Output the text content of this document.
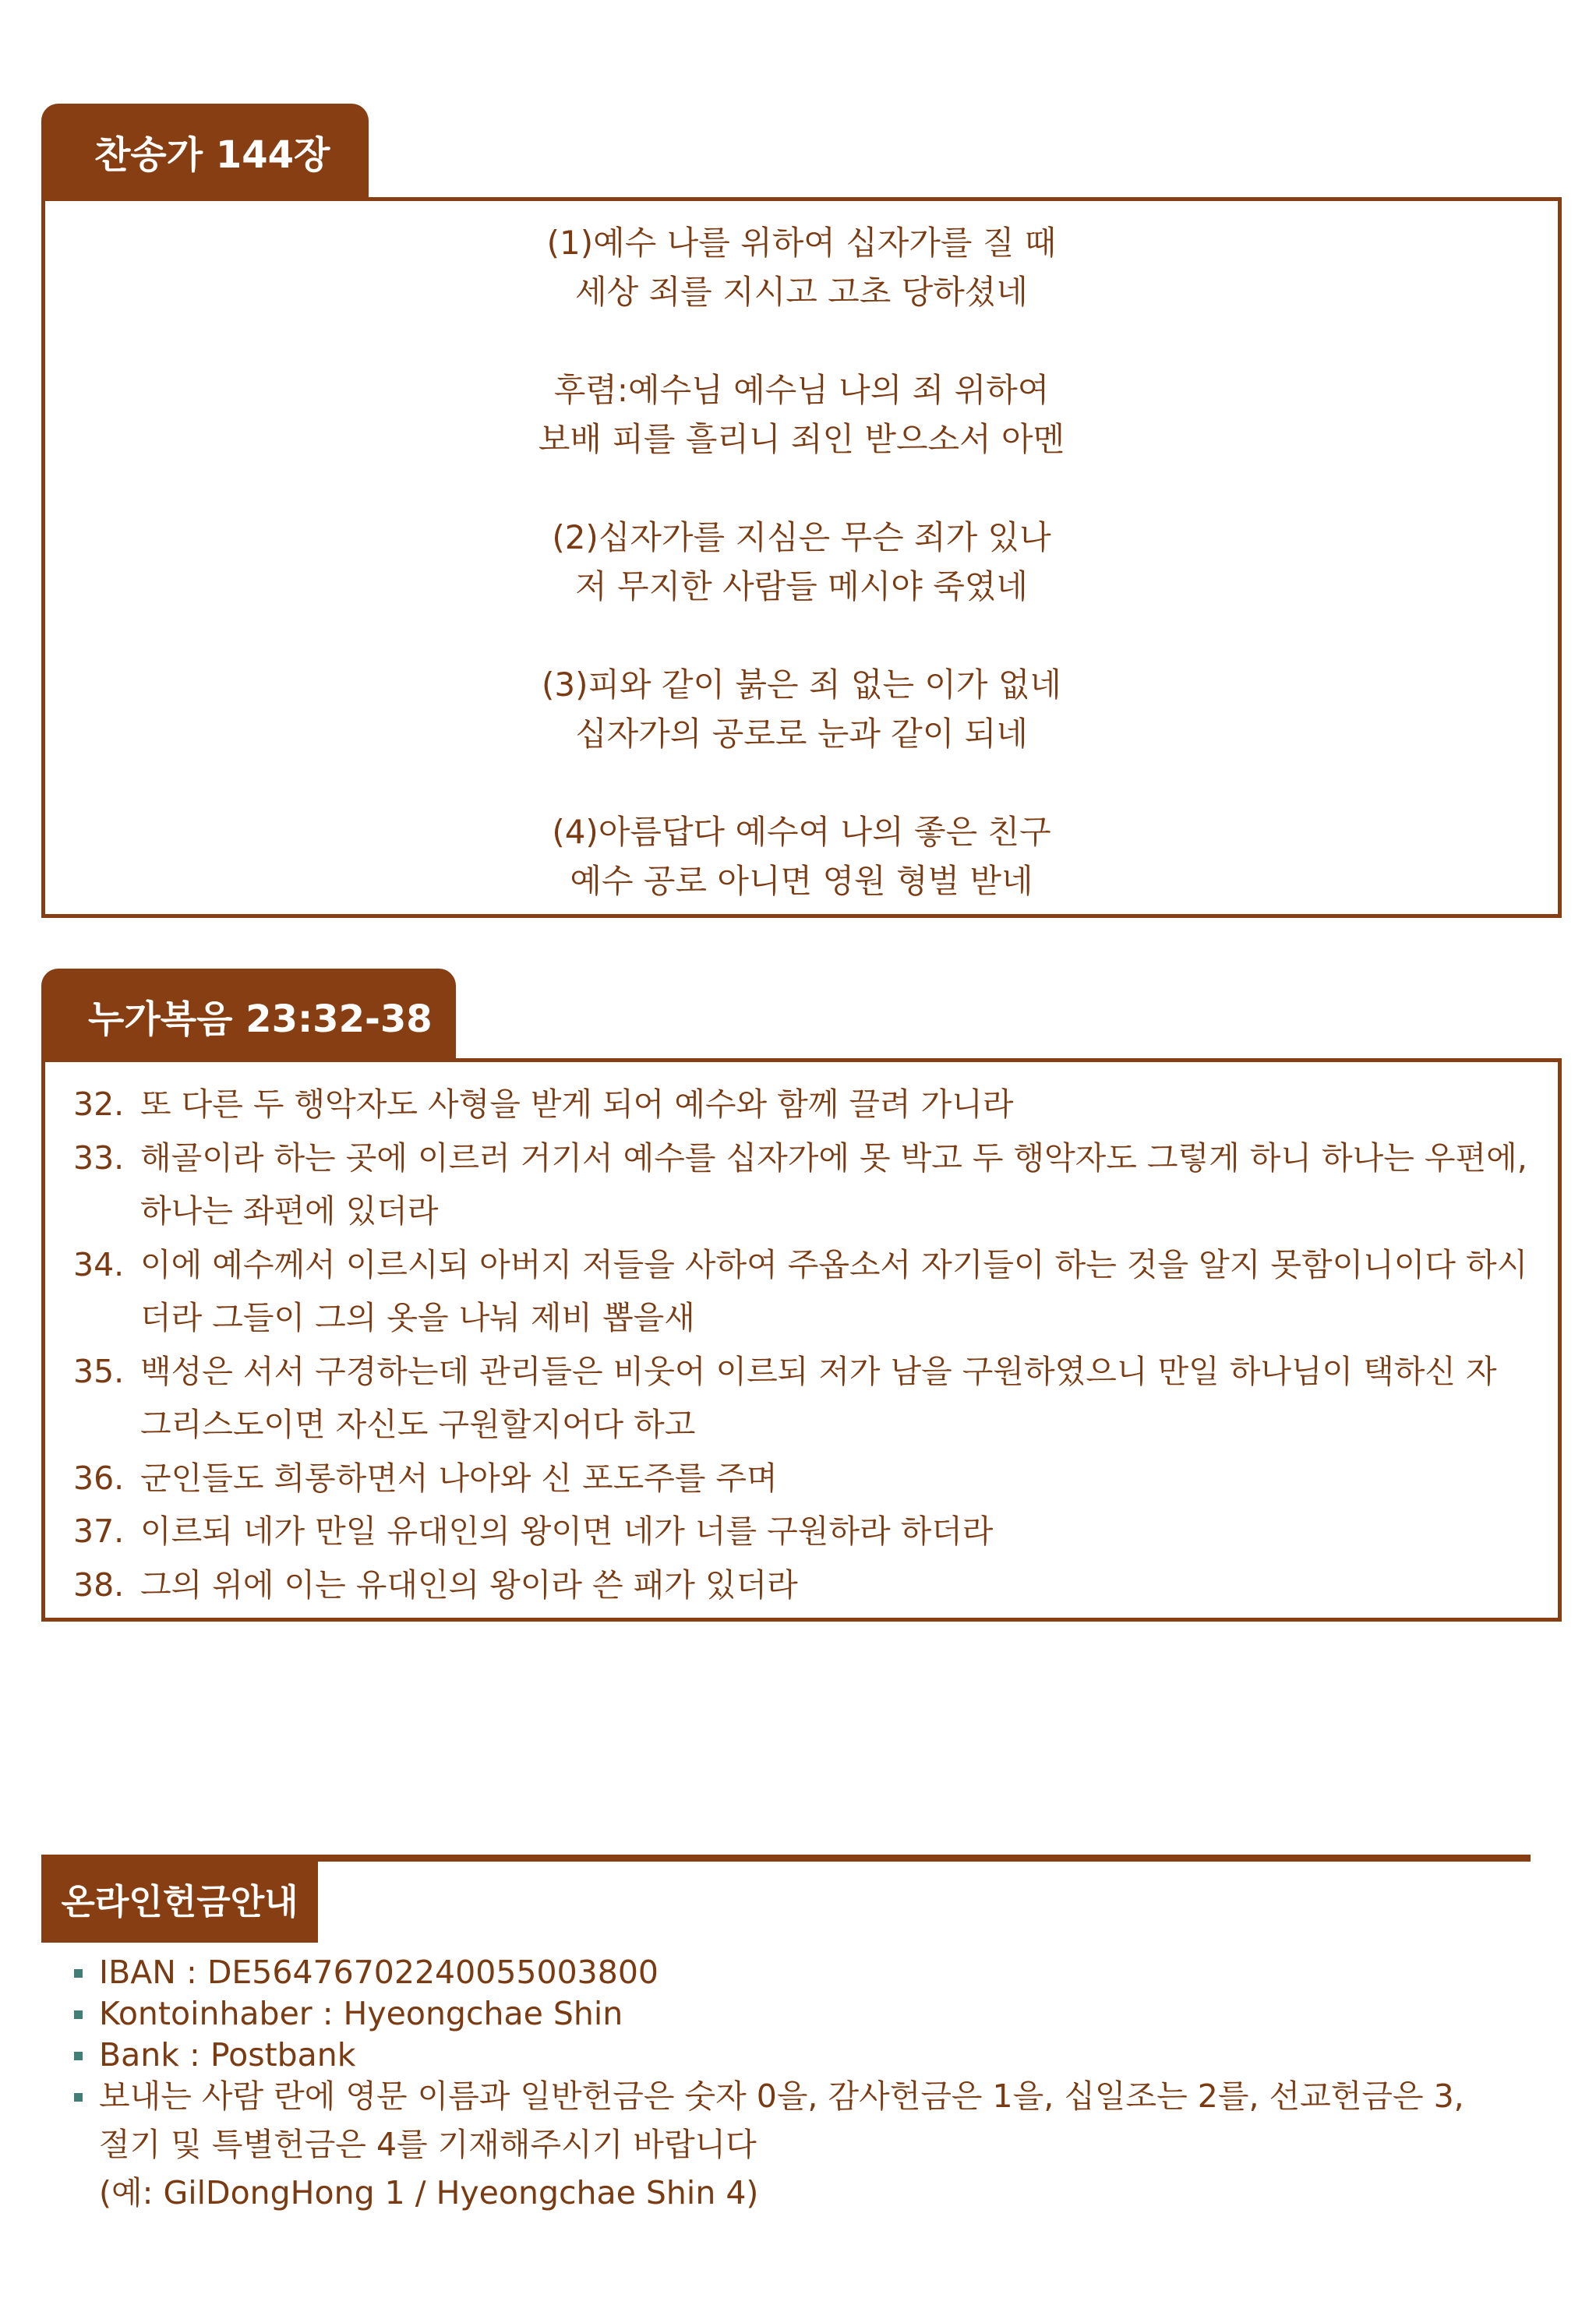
찬송가 144장
(1)예수 나를 위하여 십자가를 질 때
세상 죄를 지시고 고초 당하셨네
후렴:예수님 예수님 나의 죄 위하여
보배 피를 흘리니 죄인 받으소서 아멘
(2)십자가를 지심은 무슨 죄가 있나
저 무지한 사람들 메시야 죽였네
(3)피와 같이 붉은 죄 없는 이가 없네
십자가의 공로로 눈과 같이 되네
(4)아름답다 예수여 나의 좋은 친구
예수 공로 아니면 영원 형벌 받네
누가복음 23:32-38
32. 또 다른 두 행악자도 사형을 받게 되어 예수와 함께 끌려 가니라
33. 해골이라 하는 곳에 이르러 거기서 예수를 십자가에 못 박고 두 행악자도 그렇게 하니 하나는 우편에,
하나는 좌편에 있더라
34. 이에 예수께서 이르시되 아버지 저들을 사하여 주옵소서 자기들이 하는 것을 알지 못함이니이다 하시
더라 그들이 그의 옷을 나눠 제비 뽑을새
35. 백성은 서서 구경하는데 관리들은 비웃어 이르되 저가 남을 구원하였으니 만일 하나님이 택하신 자
그리스도이면 자신도 구원할지어다 하고
36. 군인들도 희롱하면서 나아와 신 포도주를 주며
37. 이르되 네가 만일 유대인의 왕이면 네가 너를 구원하라 하더라
38. 그의 위에 이는 유대인의 왕이라 쓴 패가 있더라
온라인헌금안내
IBAN : DE56476702240055003800
Kontoinhaber : Hyeongchae Shin
Bank : Postbank
보내는 사람 란에 영문 이름과 일반헌금은 숫자 0을, 감사헌금은 1을, 십일조는 2를, 선교헌금은 3,
절기 및 특별헌금은 4를 기재해주시기 바랍니다
(예: GilDongHong 1 / Hyeongchae Shin 4)
